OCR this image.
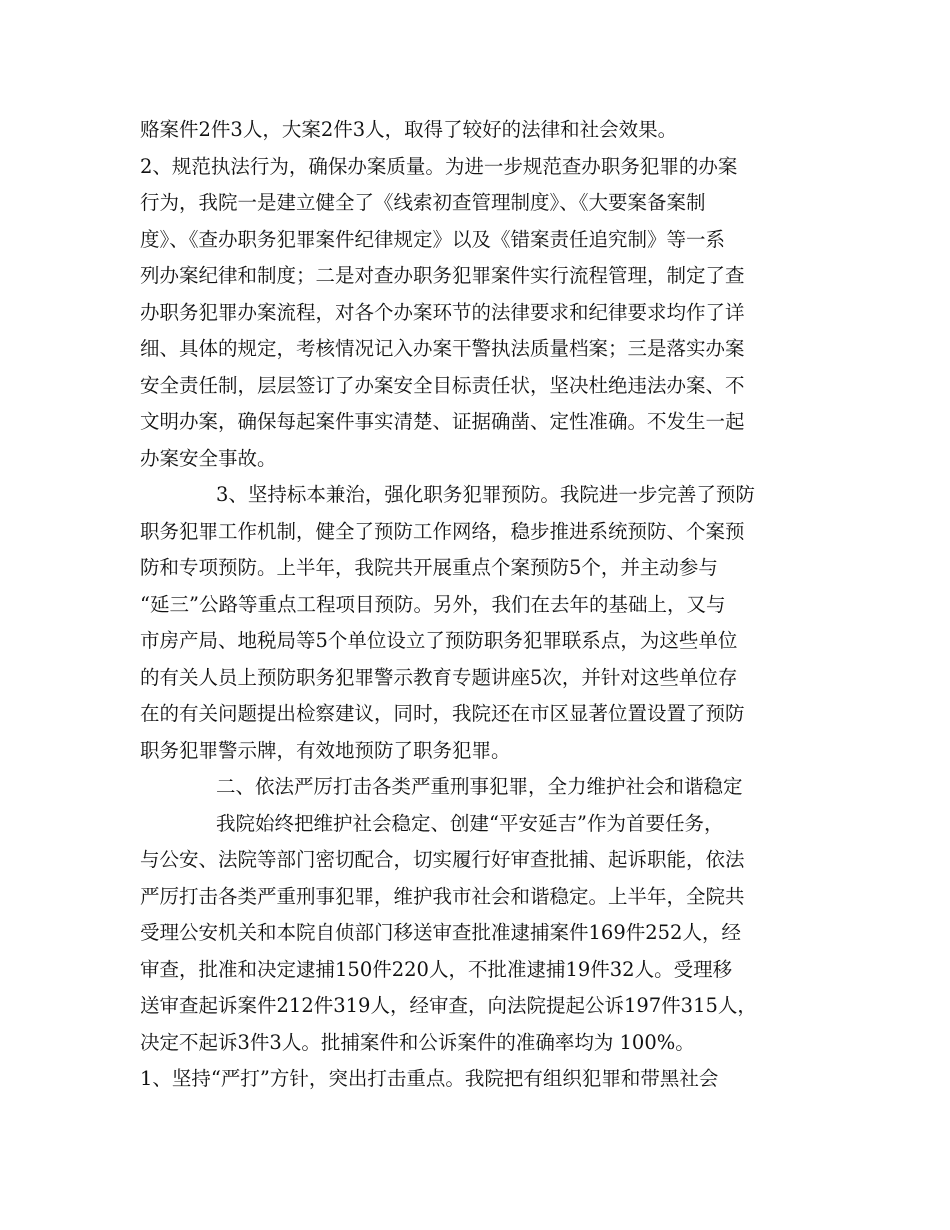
赂案件2件3人，大案2件3人，取得了较好的法律和社会效果。
2、规范执法行为，确保办案质量。为进一步规范查办职务犯罪的办案
行为，我院一是建立健全了《线索初查管理制度》、《大要案备案制
度》、《查办职务犯罪案件纪律规定》以及《错案责任追究制》等一系
列办案纪律和制度；二是对查办职务犯罪案件实行流程管理，制定了查
办职务犯罪办案流程，对各个办案环节的法律要求和纪律要求均作了详
细、具体的规定，考核情况记入办案干警执法质量档案；三是落实办案
安全责任制，层层签订了办案安全目标责任状，坚决杜绝违法办案、不
文明办案，确保每起案件事实清楚、证据确凿、定性准确。不发生一起
办案安全事故。
3、坚持标本兼治，强化职务犯罪预防。我院进一步完善了预防
职务犯罪工作机制，健全了预防工作网络，稳步推进系统预防、个案预
防和专项预防。上半年，我院共开展重点个案预防5个，并主动参与
“延三”公路等重点工程项目预防。另外，我们在去年的基础上，又与
市房产局、地税局等5个单位设立了预防职务犯罪联系点，为这些单位
的有关人员上预防职务犯罪警示教育专题讲座5次，并针对这些单位存
在的有关问题提出检察建议，同时，我院还在市区显著位置设置了预防
职务犯罪警示牌，有效地预防了职务犯罪。
二、依法严厉打击各类严重刑事犯罪，全力维护社会和谐稳定
我院始终把维护社会稳定、创建“平安延吉”作为首要任务，
与公安、法院等部门密切配合，切实履行好审查批捕、起诉职能，依法
严厉打击各类严重刑事犯罪，维护我市社会和谐稳定。上半年，全院共
受理公安机关和本院自侦部门移送审查批准逮捕案件169件252人，经
审查，批准和决定逮捕150件220人，不批准逮捕19件32人。受理移
送审查起诉案件212件319人，经审查，向法院提起公诉197件315人，
决定不起诉3件3人。批捕案件和公诉案件的准确率均为 100%。
1、坚持“严打”方针，突出打击重点。我院把有组织犯罪和带黑社会
